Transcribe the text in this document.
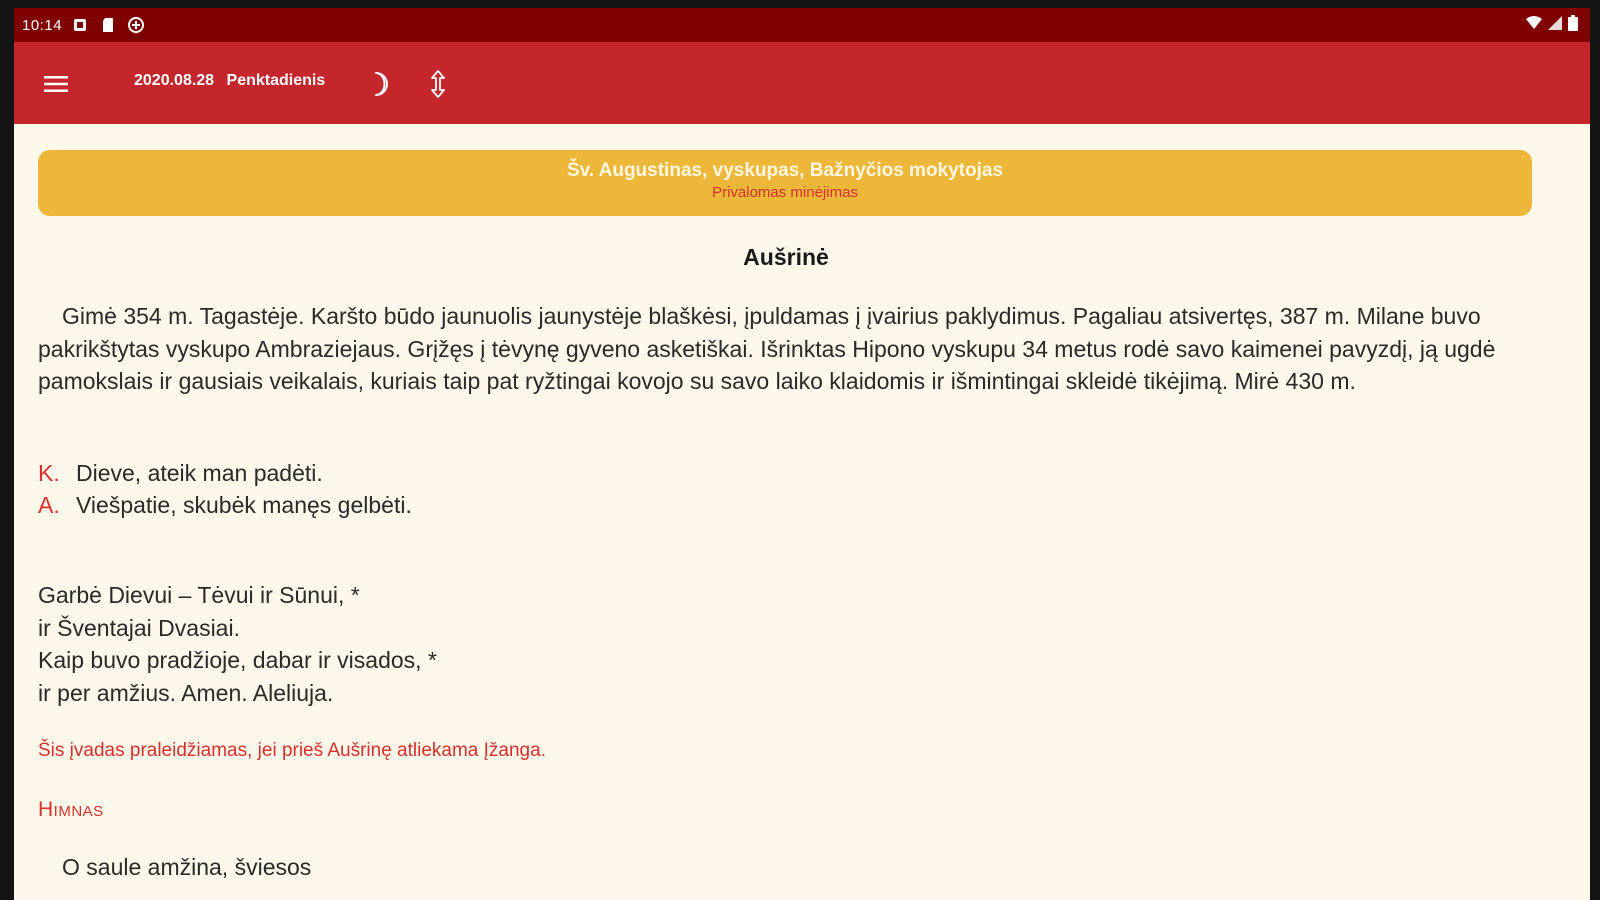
10:14
2020.08.28 Penktadienis
Šv. Augustinas, vyskupas, Bažnyčios mokytojas
Privalomas minėjimas
Aušrinė

Gimė 354 m. Tagastėje. Karšto būdo jaunuolis jaunystėje blaškėsi, įpuldamas į įvairius paklydimus. Pagaliau atsivertęs, 387 m. Milane buvo pakrikštytas vyskupo Ambraziejaus. Grįžęs į tėvynę gyveno asketiškai. Išrinktas Hipono vyskupu 34 metus rodė savo kaimenei pavyzdį, ją ugdė pamokslais ir gausiais veikalais, kuriais taip pat ryžtingai kovojo su savo laiko klaidomis ir išmintingai skleidė tikėjimą. Mirė 430 m.

K. Dieve, ateik man padėti.
A. Viešpatie, skubėk manęs gelbėti.
Garbė Dievui – Tėvui ir Sūnui, *
ir Šventajai Dvasiai.
Kaip buvo pradžioje, dabar ir visados, *
ir per amžius. Amen. Aleliuja.
Šis įvadas praleidžiamas, jei prieš Aušrinę atliekama Įžanga.
Himnas
O saule amžina, šviesos
